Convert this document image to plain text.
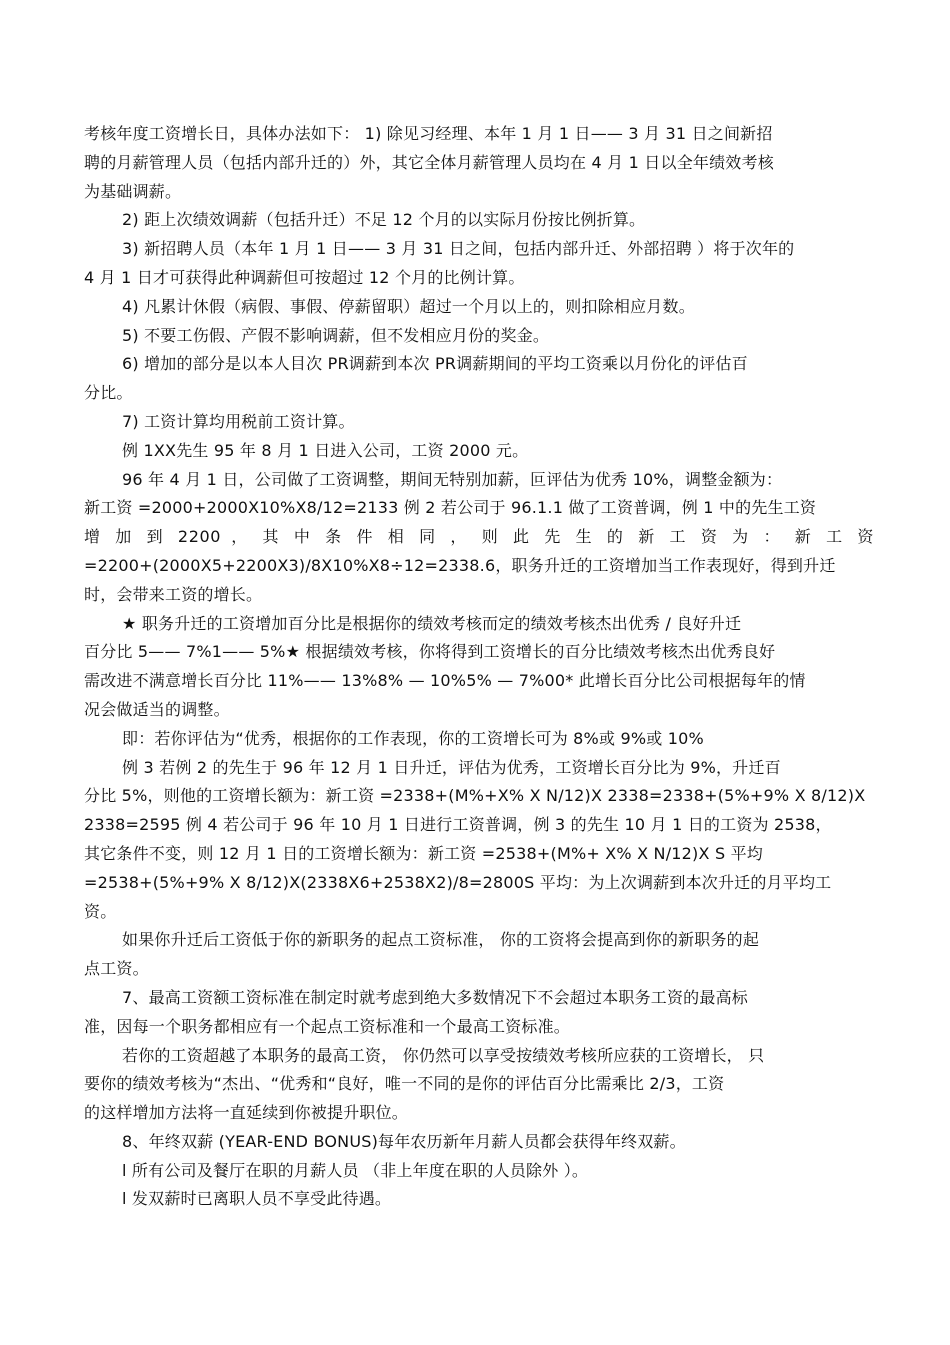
考核年度工资增长日，具体办法如下： 1) 除见习经理、本年 1 月 1 日—— 3 月 31 日之间新招

聘的月薪管理人员（包括内部升迁的）外，其它全体月薪管理人员均在 4 月 1 日以全年绩效考核

为基础调薪。

2) 距上次绩效调薪（包括升迁）不足 12 个月的以实际月份按比例折算。

3) 新招聘人员（本年 1 月 1 日—— 3 月 31 日之间，包括内部升迁、外部招聘 ）将于次年的

4 月 1 日才可获得此种调薪但可按超过 12 个月的比例计算。

4) 凡累计休假（病假、事假、停薪留职）超过一个月以上的，则扣除相应月数。

5) 不要工伤假、产假不影响调薪，但不发相应月份的奖金。

6) 增加的部分是以本人目次 PR调薪到本次 PR调薪期间的平均工资乘以月份化的评估百

分比。

7) 工资计算均用税前工资计算。

例 1XX先生 95 年 8 月 1 日进入公司，工资 2000 元。

96 年 4 月 1 日，公司做了工资调整，期间无特别加薪，叵评估为优秀 10%，调整金额为：

新工资 =2000+2000X10%X8/12=2133 例 2 若公司于 96.1.1 做了工资普调，例 1 中的先生工资

增 加 到 2200 ， 其 中 条 件 相 同 ， 则 此 先 生 的 新 工 资 为 ： 新 工 资

=2200+(2000X5+2200X3)/8X10%X8÷12=2338.6，职务升迁的工资增加当工作表现好，得到升迁

时，会带来工资的增长。

★ 职务升迁的工资增加百分比是根据你的绩效考核而定的绩效考核杰出优秀 / 良好升迁

百分比 5—— 7%1—— 5%★ 根据绩效考核，你将得到工资增长的百分比绩效考核杰出优秀良好

需改进不满意增长百分比 11%—— 13%8% — 10%5% — 7%00* 此增长百分比公司根据每年的情

况会做适当的调整。

即：若你评估为“优秀，根据你的工作表现，你的工资增长可为 8%或 9%或 10%

例 3 若例 2 的先生于 96 年 12 月 1 日升迁，评估为优秀，工资增长百分比为 9%，升迁百

分比 5%，则他的工资增长额为：新工资 =2338+(M%+X% X N/12)X 2338=2338+(5%+9% X 8/12)X

2338=2595 例 4 若公司于 96 年 10 月 1 日进行工资普调，例 3 的先生 10 月 1 日的工资为 2538，

其它条件不变，则 12 月 1 日的工资增长额为：新工资 =2538+(M%+ X% X N/12)X S 平均

=2538+(5%+9% X 8/12)X(2338X6+2538X2)/8=2800S 平均：为上次调薪到本次升迁的月平均工

资。

如果你升迁后工资低于你的新职务的起点工资标准， 你的工资将会提高到你的新职务的起

点工资。

7、最高工资额工资标准在制定时就考虑到绝大多数情况下不会超过本职务工资的最高标

准，因每一个职务都相应有一个起点工资标准和一个最高工资标准。

若你的工资超越了本职务的最高工资， 你仍然可以享受按绩效考核所应获的工资增长， 只

要你的绩效考核为“杰出、“优秀和“良好，唯一不同的是你的评估百分比需乘比 2/3，工资

的这样增加方法将一直延续到你被提升职位。

8、年终双薪 (YEAR-END BONUS)每年农历新年月薪人员都会获得年终双薪。

l 所有公司及餐厅在职的月薪人员 （非上年度在职的人员除外 ）。

l 发双薪时已离职人员不享受此待遇。
